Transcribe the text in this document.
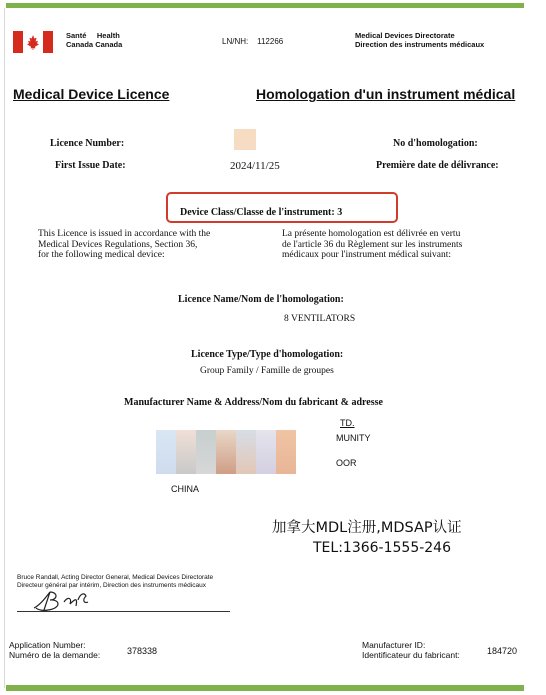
Santé Health
Canada Canada	LN/NH: 112266
Medical Devices Directorate
Direction des instruments médicaux
Medical Device Licence	Homologation d'un instrument médical
Licence Number:	No d'homologation:
First Issue Date:	2024/11/25	Première date de délivrance:
Device Class/Classe de l'instrument: 3
This Licence is issued in accordance with the
Medical Devices Regulations, Section 36,
for the following medical device:
La présente homologation est délivrée en vertu
de l'article 36 du Règlement sur les instruments
médicaux pour l'instrument médical suivant:
Licence Name/Nom de l'homologation:
8 VENTILATORS
Licence Type/Type d'homologation:
Group Family / Famille de groupes
Manufacturer Name & Address/Nom du fabricant & adresse
TD.
MUNITY
OOR
CHINA
加拿大MDL注册,MDSAP认证
TEL:1366-1555-246
Bruce Randall, Acting Director General, Medical Devices Directorate
Directeur général par intérim, Direction des instruments médicaux
Application Number:
Numéro de la demande:	378338
Manufacturer ID:
Identificateur du fabricant:	184720
